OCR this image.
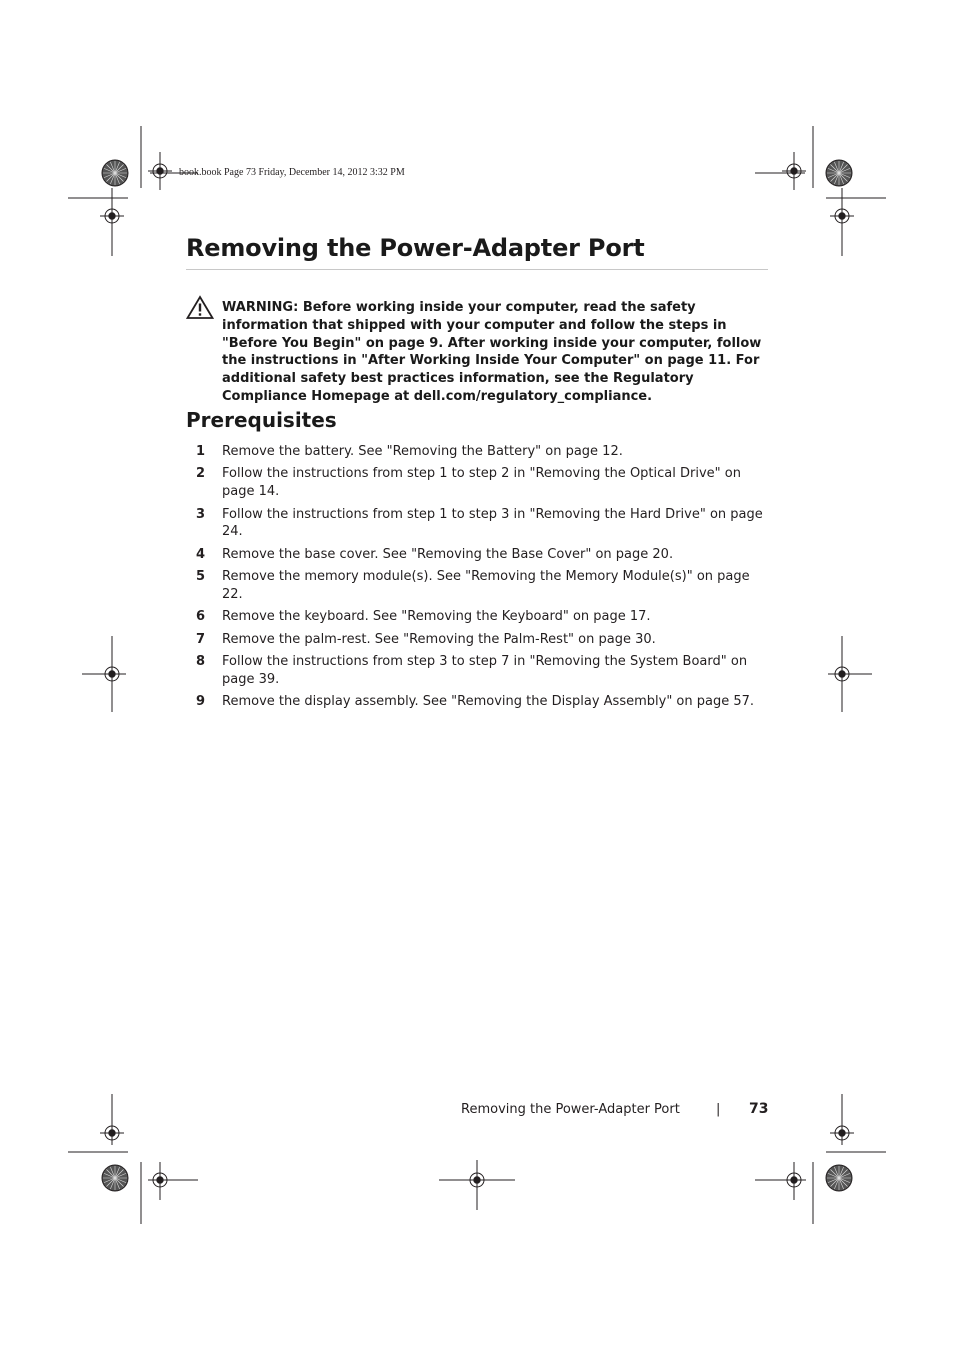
book.book Page 73 Friday, December 14, 2012 3:32 PM
Removing the Power-Adapter Port

WARNING: Before working inside your computer, read the safety information that shipped with your computer and follow the steps in "Before You Begin" on page 9. After working inside your computer, follow the instructions in "After Working Inside Your Computer" on page 11. For additional safety best practices information, see the Regulatory Compliance Homepage at dell.com/regulatory_compliance.

Prerequisites
1 Remove the battery. See "Removing the Battery" on page 12.
2 Follow the instructions from step 1 to step 2 in "Removing the Optical Drive" on page 14.
3 Follow the instructions from step 1 to step 3 in "Removing the Hard Drive" on page 24.
4 Remove the base cover. See "Removing the Base Cover" on page 20.
5 Remove the memory module(s). See "Removing the Memory Module(s)" on page 22.
6 Remove the keyboard. See "Removing the Keyboard" on page 17.
7 Remove the palm-rest. See "Removing the Palm-Rest" on page 30.
8 Follow the instructions from step 3 to step 7 in "Removing the System Board" on page 39.
9 Remove the display assembly. See "Removing the Display Assembly" on page 57.
Removing the Power-Adapter Port	| 73
